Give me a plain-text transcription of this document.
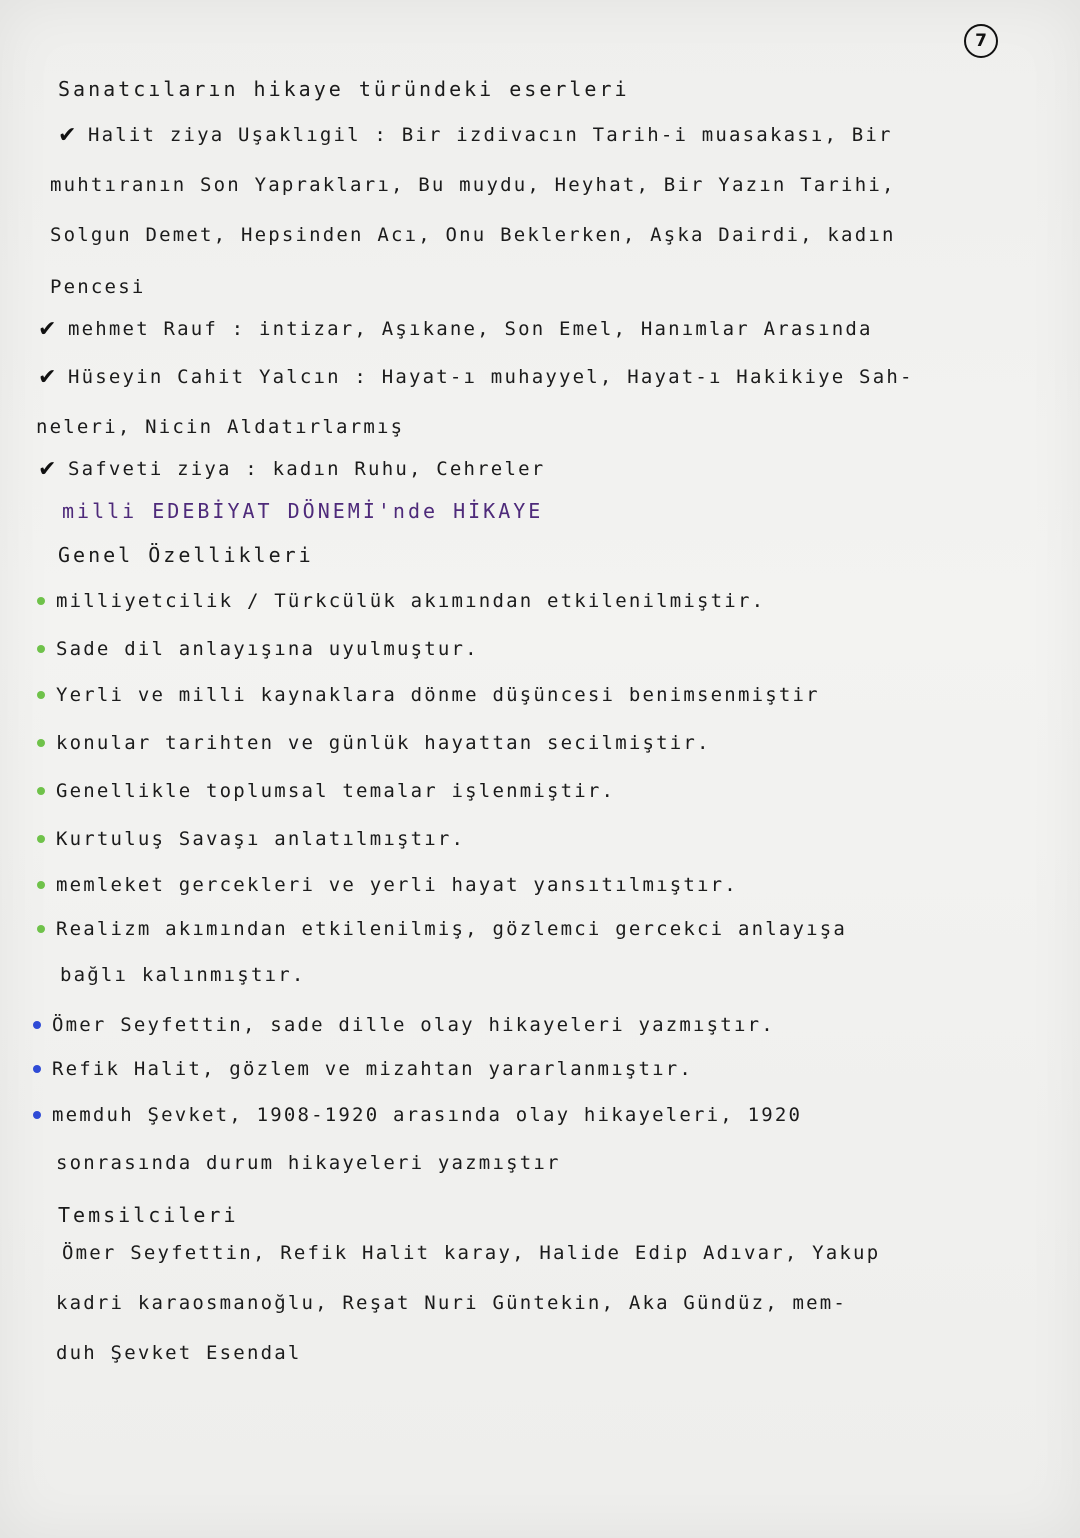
7
Sanatcıların hikaye türündeki eserleri
✔ Halit ziya Uşaklıgil : Bir izdivacın Tarih-i muasakası, Bir
muhtıranın Son Yaprakları, Bu muydu, Heyhat, Bir Yazın Tarihi,
Solgun Demet, Hepsinden Acı, Onu Beklerken, Aşka Dairdi, kadın
Pencesi
✔ mehmet Rauf : intizar, Aşıkane, Son Emel, Hanımlar Arasında
✔ Hüseyin Cahit Yalcın : Hayat-ı muhayyel, Hayat-ı Hakikiye Sah-
neleri, Nicin Aldatırlarmış
✔ Safveti ziya : kadın Ruhu, Cehreler
milli EDEBİYAT DÖNEMİ'nde HİKAYE
Genel Özellikleri
milliyetcilik / Türkcülük akımından etkilenilmiştir.
Sade dil anlayışına uyulmuştur.
Yerli ve milli kaynaklara dönme düşüncesi benimsenmiştir
konular tarihten ve günlük hayattan secilmiştir.
Genellikle toplumsal temalar işlenmiştir.
Kurtuluş Savaşı anlatılmıştır.
memleket gercekleri ve yerli hayat yansıtılmıştır.
Realizm akımından etkilenilmiş, gözlemci gercekci anlayışa
bağlı kalınmıştır.
Ömer Seyfettin, sade dille olay hikayeleri yazmıştır.
Refik Halit, gözlem ve mizahtan yararlanmıştır.
memduh Şevket, 1908-1920 arasında olay hikayeleri, 1920
sonrasında durum hikayeleri yazmıştır
Temsilcileri
Ömer Seyfettin, Refik Halit karay, Halide Edip Adıvar, Yakup
kadri karaosmanoğlu, Reşat Nuri Güntekin, Aka Gündüz, mem-
duh Şevket Esendal
